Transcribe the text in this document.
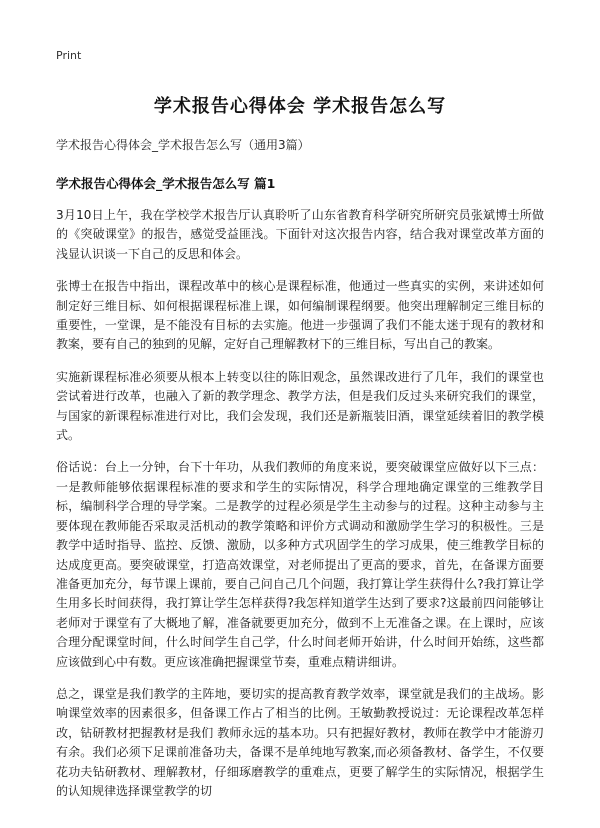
Print
学术报告心得体会 学术报告怎么写
学术报告心得体会_学术报告怎么写（通用3篇）
学术报告心得体会_学术报告怎么写 篇1

3月10日上午，我在学校学术报告厅认真聆听了山东省教育科学研究所研究员张斌博士所做的《突破课堂》的报告，感觉受益匪浅。下面针对这次报告内容，结合我对课堂改革方面的浅显认识谈一下自己的反思和体会。

张博士在报告中指出，课程改革中的核心是课程标准，他通过一些真实的实例，来讲述如何制定好三维目标、如何根据课程标准上课，如何编制课程纲要。他突出理解制定三维目标的重要性，一堂课，是不能没有目标的去实施。他进一步强调了我们不能太迷于现有的教材和教案，要有自己的独到的见解，定好自己理解教材下的三维目标，写出自己的教案。

实施新课程标准必须要从根本上转变以往的陈旧观念，虽然课改进行了几年，我们的课堂也尝试着进行改革，也融入了新的教学理念、教学方法，但是我们反过头来研究我们的课堂，与国家的新课程标准进行对比，我们会发现，我们还是新瓶装旧酒，课堂延续着旧的教学模式。

俗话说：台上一分钟，台下十年功，从我们教师的角度来说，要突破课堂应做好以下三点：一是教师能够依据课程标准的要求和学生的实际情况，科学合理地确定课堂的三维教学目标，编制科学合理的导学案。二是教学的过程必须是学生主动参与的过程。这种主动参与主要体现在教师能否采取灵活机动的教学策略和评价方式调动和激励学生学习的积极性。三是教学中适时指导、监控、反馈、激励，以多种方式巩固学生的学习成果，使三维教学目标的达成度更高。要突破课堂，打造高效课堂，对老师提出了更高的要求，首先，在备课方面要准备更加充分，每节课上课前，要自己问自己几个问题，我打算让学生获得什么?我打算让学生用多长时间获得，我打算让学生怎样获得?我怎样知道学生达到了要求?这最前四问能够让老师对于课堂有了大概地了解，准备就要更加充分，做到不上无准备之课。在上课时，应该合理分配课堂时间，什么时间学生自己学，什么时间老师开始讲，什么时间开始练，这些都应该做到心中有数。更应该准确把握课堂节奏，重难点精讲细讲。

总之，课堂是我们教学的主阵地，要切实的提高教育教学效率，课堂就是我们的主战场。影响课堂效率的因素很多，但备课工作占了相当的比例。王敏勤教授说过：无论课程改革怎样改，钻研教材把握教材是我们 教师永远的基本功。只有把握好教材，教师在教学中才能游刃有余。我们必须下足课前准备功夫，备课不是单纯地写教案,而必须备教材、备学生，不仅要花功夫钻研教材、理解教材，仔细琢磨教学的重难点，更要了解学生的实际情况，根据学生的认知规律选择课堂教学的切
